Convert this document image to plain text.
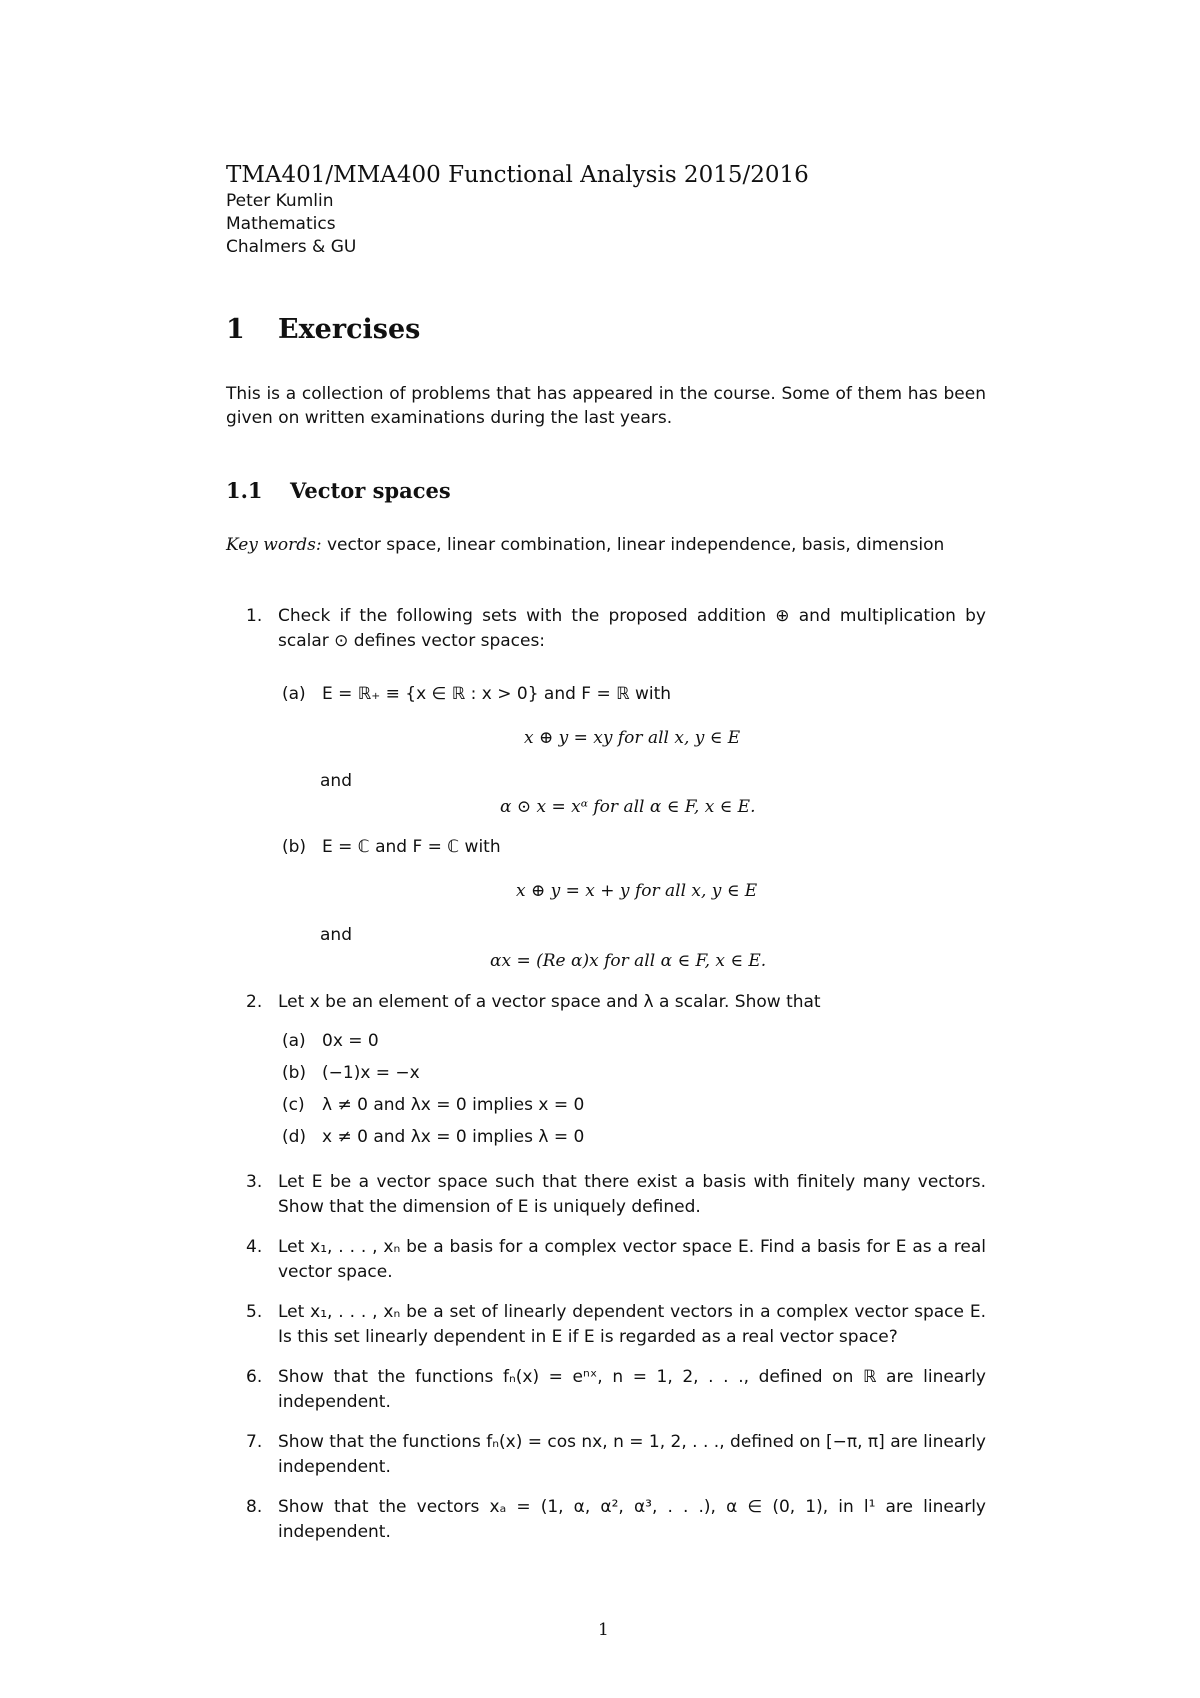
TMA401/MMA400 Functional Analysis 2015/2016
Peter Kumlin
Mathematics
Chalmers & GU
1 Exercises
This is a collection of problems that has appeared in the course. Some of them has been given on written examinations during the last years.
1.1 Vector spaces
Key words: vector space, linear combination, linear independence, basis, dimension
1. Check if the following sets with the proposed addition ⊕ and multiplication by scalar ⊙ defines vector spaces:
(a) E = ℝ₊ ≡ {x ∈ ℝ : x > 0} and F = ℝ with
x ⊕ y = xy for all x, y ∈ E
and
α ⊙ x = xᵅ for all α ∈ F, x ∈ E.
(b) E = ℂ and F = ℂ with
x ⊕ y = x + y for all x, y ∈ E
and
αx = (Re α)x for all α ∈ F, x ∈ E.
2. Let x be an element of a vector space and λ a scalar. Show that
(a) 0x = 0
(b) (−1)x = −x
(c) λ ≠ 0 and λx = 0 implies x = 0
(d) x ≠ 0 and λx = 0 implies λ = 0
3. Let E be a vector space such that there exist a basis with finitely many vectors. Show that the dimension of E is uniquely defined.
4. Let x₁, . . . , xₙ be a basis for a complex vector space E. Find a basis for E as a real vector space.
5. Let x₁, . . . , xₙ be a set of linearly dependent vectors in a complex vector space E. Is this set linearly dependent in E if E is regarded as a real vector space?
6. Show that the functions fₙ(x) = eⁿˣ, n = 1, 2, . . ., defined on ℝ are linearly independent.
7. Show that the functions fₙ(x) = cos nx, n = 1, 2, . . ., defined on [−π, π] are linearly independent.
8. Show that the vectors xₐ = (1, α, α², α³, . . .), α ∈ (0, 1), in l¹ are linearly independent.
1
